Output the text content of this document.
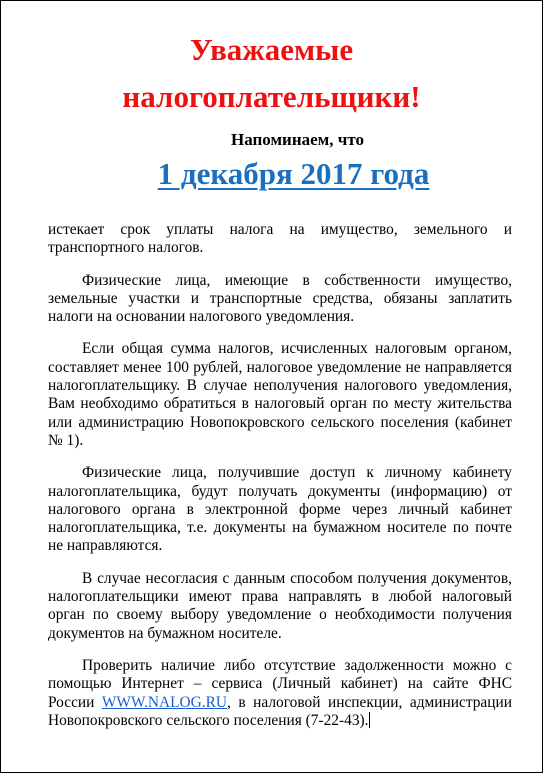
Уважаемые
налогоплательщики!
Напоминаем, что
1 декабря 2017 года

истекает срок уплаты налога на имущество, земельного и транспортного налогов.

Физические лица, имеющие в собственности имущество, земельные участки и транспортные средства, обязаны заплатить налоги на основании налогового уведомления.

Если общая сумма налогов, исчисленных налоговым органом, составляет менее 100 рублей, налоговое уведомление не направляется налогоплательщику. В случае неполучения налогового уведомления, Вам необходимо обратиться в налоговый орган по месту жительства или администрацию Новопокровского сельского поселения (кабинет № 1).

Физические лица, получившие доступ к личному кабинету налогоплательщика, будут получать документы (информацию) от налогового органа в электронной форме через личный кабинет налогоплательщика, т.е. документы на бумажном носителе по почте не направляются.

В случае несогласия с данным способом получения документов, налогоплательщики имеют права направлять в любой налоговый орган по своему выбору уведомление о необходимости получения документов на бумажном носителе.

Проверить наличие либо отсутствие задолженности можно с помощью Интернет – сервиса (Личный кабинет) на сайте ФНС России WWW.NALOG.RU, в налоговой инспекции, администрации Новопокровского сельского поселения (7-22-43).
